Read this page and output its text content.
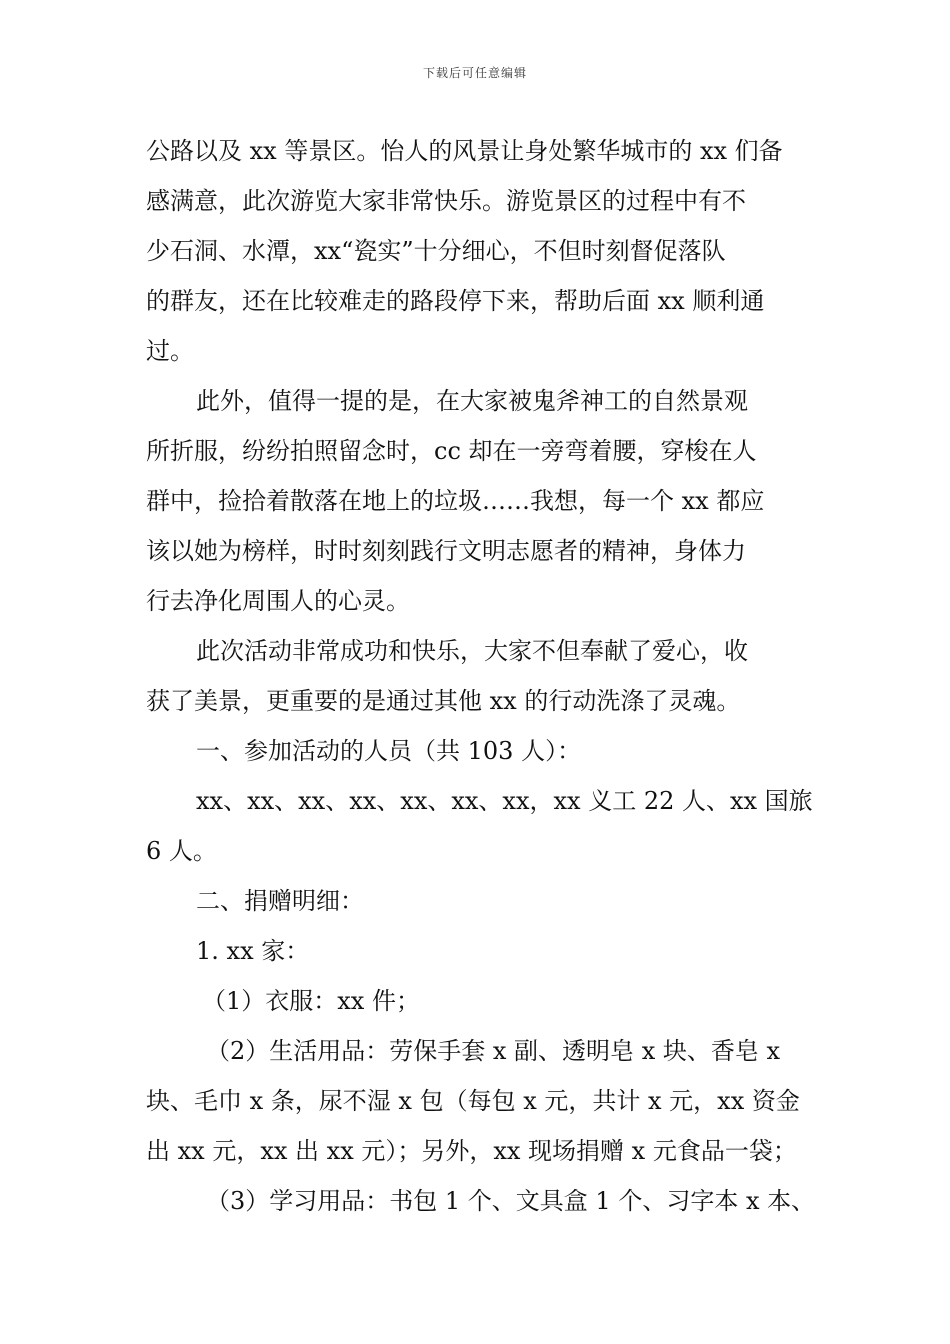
下载后可任意编辑
公路以及 xx 等景区。怡人的风景让身处繁华城市的 xx 们备
感满意，此次游览大家非常快乐。游览景区的过程中有不
少石洞、水潭，xx“瓷实”十分细心，不但时刻督促落队
的群友，还在比较难走的路段停下来，帮助后面 xx 顺利通
过。
此外，值得一提的是，在大家被鬼斧神工的自然景观
所折服，纷纷拍照留念时，cc 却在一旁弯着腰，穿梭在人
群中，捡拾着散落在地上的垃圾……我想，每一个 xx 都应
该以她为榜样，时时刻刻践行文明志愿者的精神，身体力
行去净化周围人的心灵。
此次活动非常成功和快乐，大家不但奉献了爱心，收
获了美景，更重要的是通过其他 xx 的行动洗涤了灵魂。
一、参加活动的人员（共 103 人）：
xx、xx、xx、xx、xx、xx、xx，xx 义工 22 人、xx 国旅
6 人。
二、捐赠明细：
1. xx 家：
（1）衣服：xx 件；
（2）生活用品：劳保手套 x 副、透明皂 x 块、香皂 x
块、毛巾 x 条，尿不湿 x 包（每包 x 元，共计 x 元，xx 资金
出 xx 元，xx 出 xx 元）；另外，xx 现场捐赠 x 元食品一袋；
（3）学习用品：书包 1 个、文具盒 1 个、习字本 x 本、
